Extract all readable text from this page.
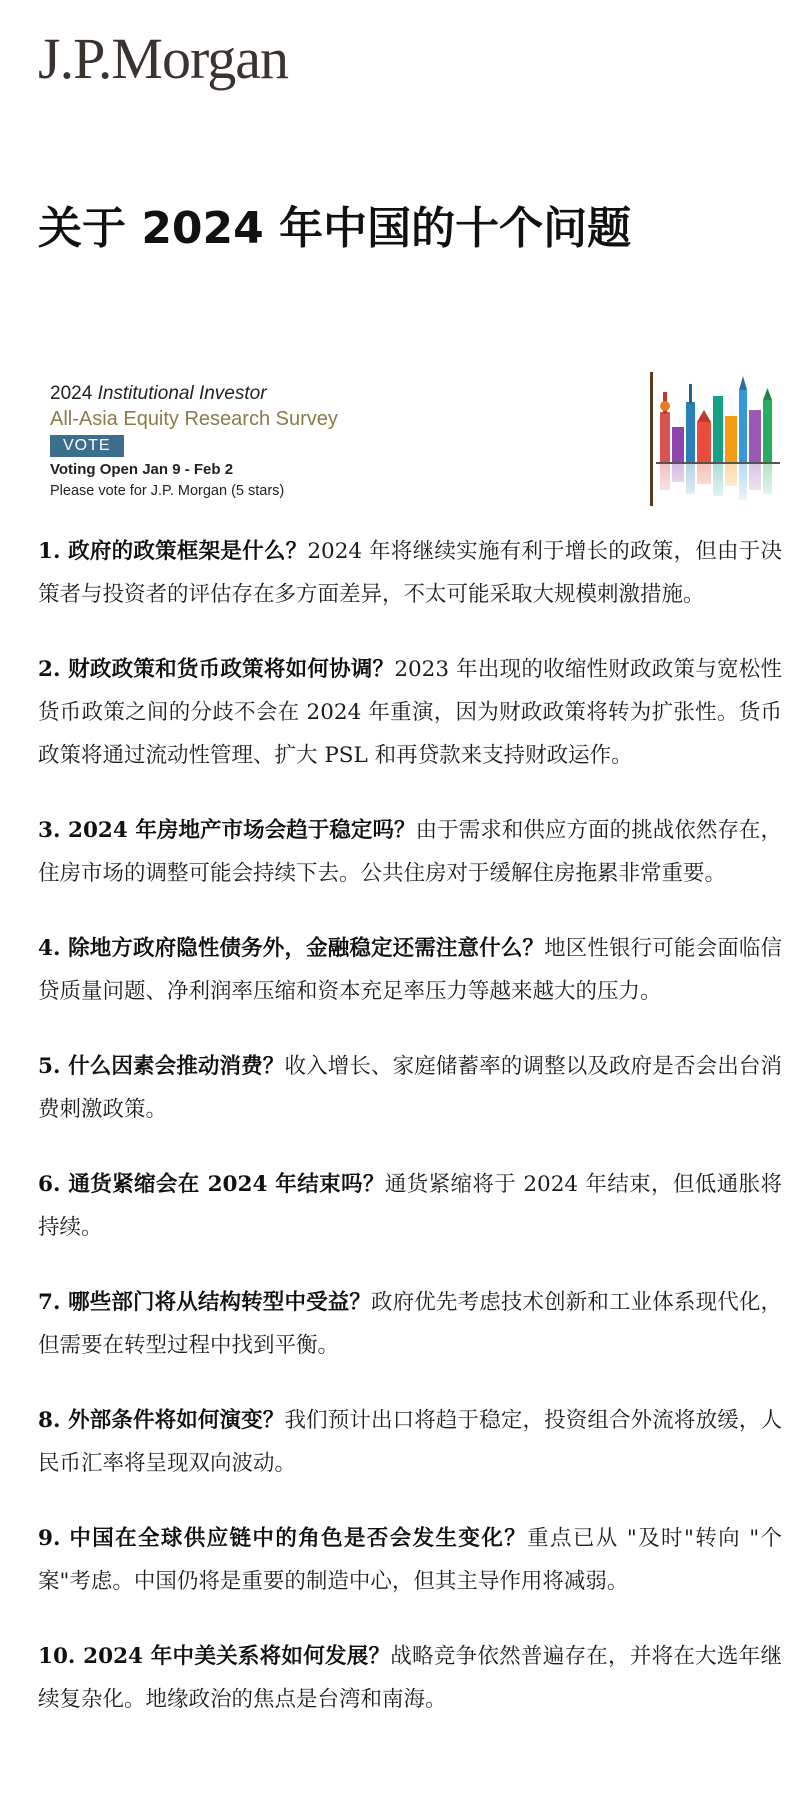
J.P.Morgan
关于 2024 年中国的十个问题
2024 Institutional Investor
All-Asia Equity Research Survey
VOTE
Voting Open Jan 9 - Feb 2
Please vote for J.P. Morgan (5 stars)

1. 政府的政策框架是什么？2024 年将继续实施有利于增长的政策，但由于决策者与投资者的评估存在多方面差异，不太可能采取大规模刺激措施。

2. 财政政策和货币政策将如何协调？2023 年出现的收缩性财政政策与宽松性货币政策之间的分歧不会在 2024 年重演，因为财政政策将转为扩张性。货币政策将通过流动性管理、扩大 PSL 和再贷款来支持财政运作。

3. 2024 年房地产市场会趋于稳定吗？由于需求和供应方面的挑战依然存在，住房市场的调整可能会持续下去。公共住房对于缓解住房拖累非常重要。

4. 除地方政府隐性债务外，金融稳定还需注意什么？地区性银行可能会面临信贷质量问题、净利润率压缩和资本充足率压力等越来越大的压力。

5. 什么因素会推动消费？收入增长、家庭储蓄率的调整以及政府是否会出台消费刺激政策。

6. 通货紧缩会在 2024 年结束吗？通货紧缩将于 2024 年结束，但低通胀将持续。

7. 哪些部门将从结构转型中受益？政府优先考虑技术创新和工业体系现代化，但需要在转型过程中找到平衡。

8. 外部条件将如何演变？我们预计出口将趋于稳定，投资组合外流将放缓，人民币汇率将呈现双向波动。

9. 中国在全球供应链中的角色是否会发生变化？重点已从 "及时"转向 "个案"考虑。中国仍将是重要的制造中心，但其主导作用将减弱。

10. 2024 年中美关系将如何发展？战略竞争依然普遍存在，并将在大选年继续复杂化。地缘政治的焦点是台湾和南海。
